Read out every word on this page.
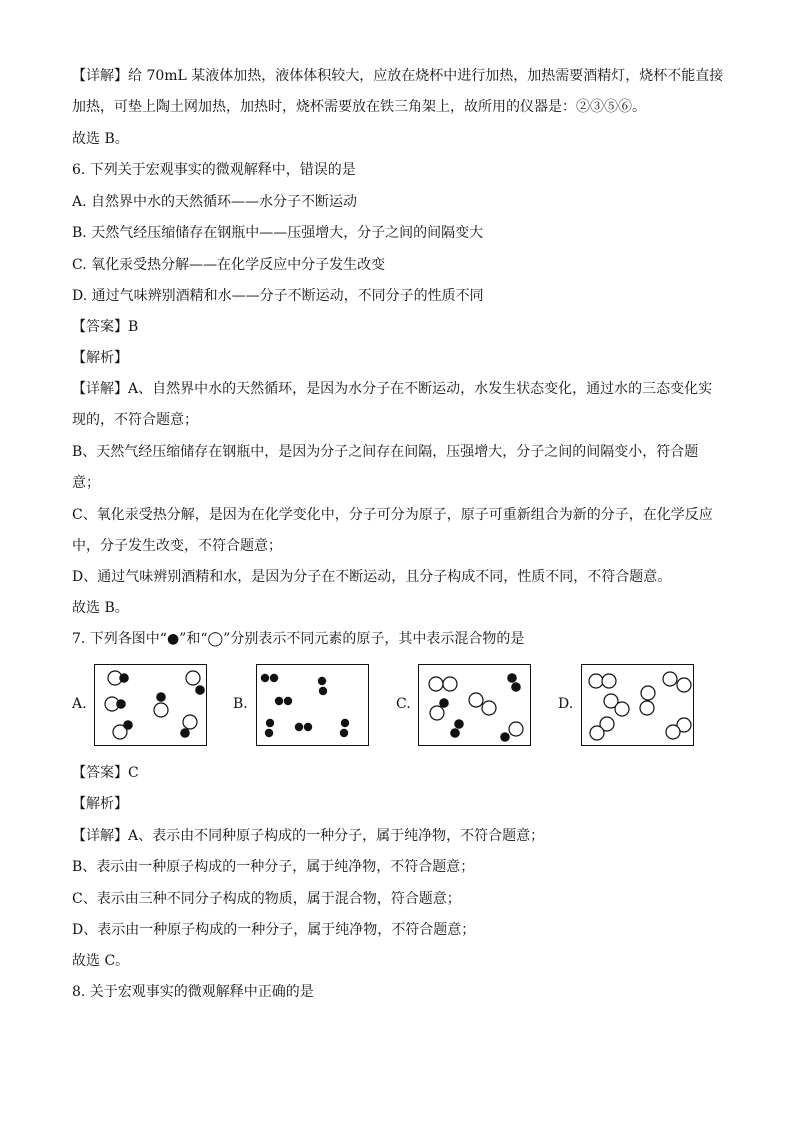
【详解】给 70mL 某液体加热，液体体积较大，应放在烧杯中进行加热，加热需要酒精灯，烧杯不能直接
加热，可垫上陶土网加热，加热时，烧杯需要放在铁三角架上，故所用的仪器是：②③⑤⑥。
故选 B。
6. 下列关于宏观事实的微观解释中，错误的是
A. 自然界中水的天然循环——水分子不断运动
B. 天然气经压缩储存在钢瓶中——压强增大，分子之间的间隔变大
C. 氧化汞受热分解——在化学反应中分子发生改变
D. 通过气味辨别酒精和水——分子不断运动，不同分子的性质不同
【答案】B
【解析】
【详解】A、自然界中水的天然循环，是因为水分子在不断运动，水发生状态变化，通过水的三态变化实
现的，不符合题意；
B、天然气经压缩储存在钢瓶中，是因为分子之间存在间隔，压强增大，分子之间的间隔变小，符合题
意；
C、氧化汞受热分解，是因为在化学变化中，分子可分为原子，原子可重新组合为新的分子，在化学反应
中，分子发生改变，不符合题意；
D、通过气味辨别酒精和水，是因为分子在不断运动，且分子构成不同，性质不同，不符合题意。
故选 B。
7. 下列各图中“●”和“◯”分别表示不同元素的原子，其中表示混合物的是
A.	B.	C.	D.
【答案】C
【解析】
【详解】A、表示由不同种原子构成的一种分子，属于纯净物，不符合题意；
B、表示由一种原子构成的一种分子，属于纯净物，不符合题意；
C、表示由三种不同分子构成的物质，属于混合物，符合题意；
D、表示由一种原子构成的一种分子，属于纯净物，不符合题意；
故选 C。
8. 关于宏观事实的微观解释中正确的是
